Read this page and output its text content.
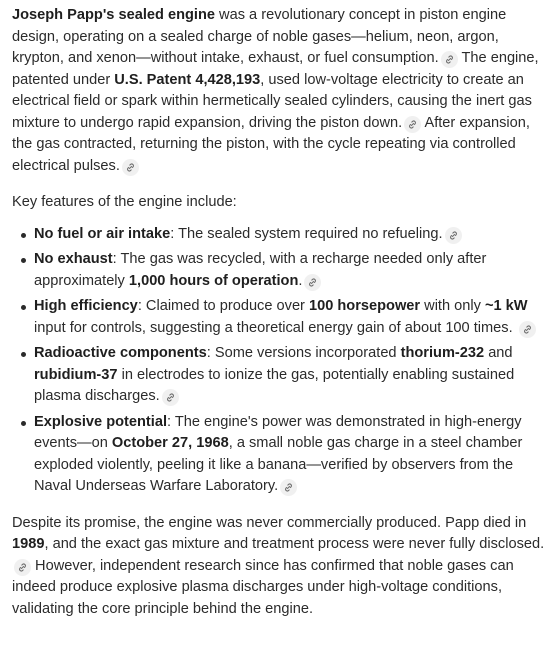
Joseph Papp's sealed engine was a revolutionary concept in piston engine design, operating on a sealed charge of noble gases—helium, neon, argon, krypton, and xenon—without intake, exhaust, or fuel consumption.
The engine, patented under U.S. Patent 4,428,193, used low-voltage electricity to create an electrical field or spark within hermetically sealed cylinders, causing the inert gas mixture to undergo rapid expansion, driving the piston down.
After expansion, the gas contracted, returning the piston, with the cycle repeating via controlled electrical pulses.

Key features of the engine include:

No fuel or air intake: The sealed system required no refueling.
No exhaust: The gas was recycled, with a recharge needed only after approximately 1,000 hours of operation.
High efficiency: Claimed to produce over 100 horsepower with only ~1 kW input for controls, suggesting a theoretical energy gain of about 100 times.
Radioactive components: Some versions incorporated thorium-232 and rubidium-37 in electrodes to ionize the gas, potentially enabling sustained plasma discharges.
Explosive potential: The engine's power was demonstrated in high-energy events—on October 27, 1968, a small noble gas charge in a steel chamber exploded violently, peeling it like a banana—verified by observers from the Naval Underseas Warfare Laboratory.

Despite its promise, the engine was never commercially produced. Papp died in 1989, and the exact gas mixture and treatment process were never fully disclosed.
However, independent research since has confirmed that noble gases can indeed produce explosive plasma discharges under high-voltage conditions, validating the core principle behind the engine.
